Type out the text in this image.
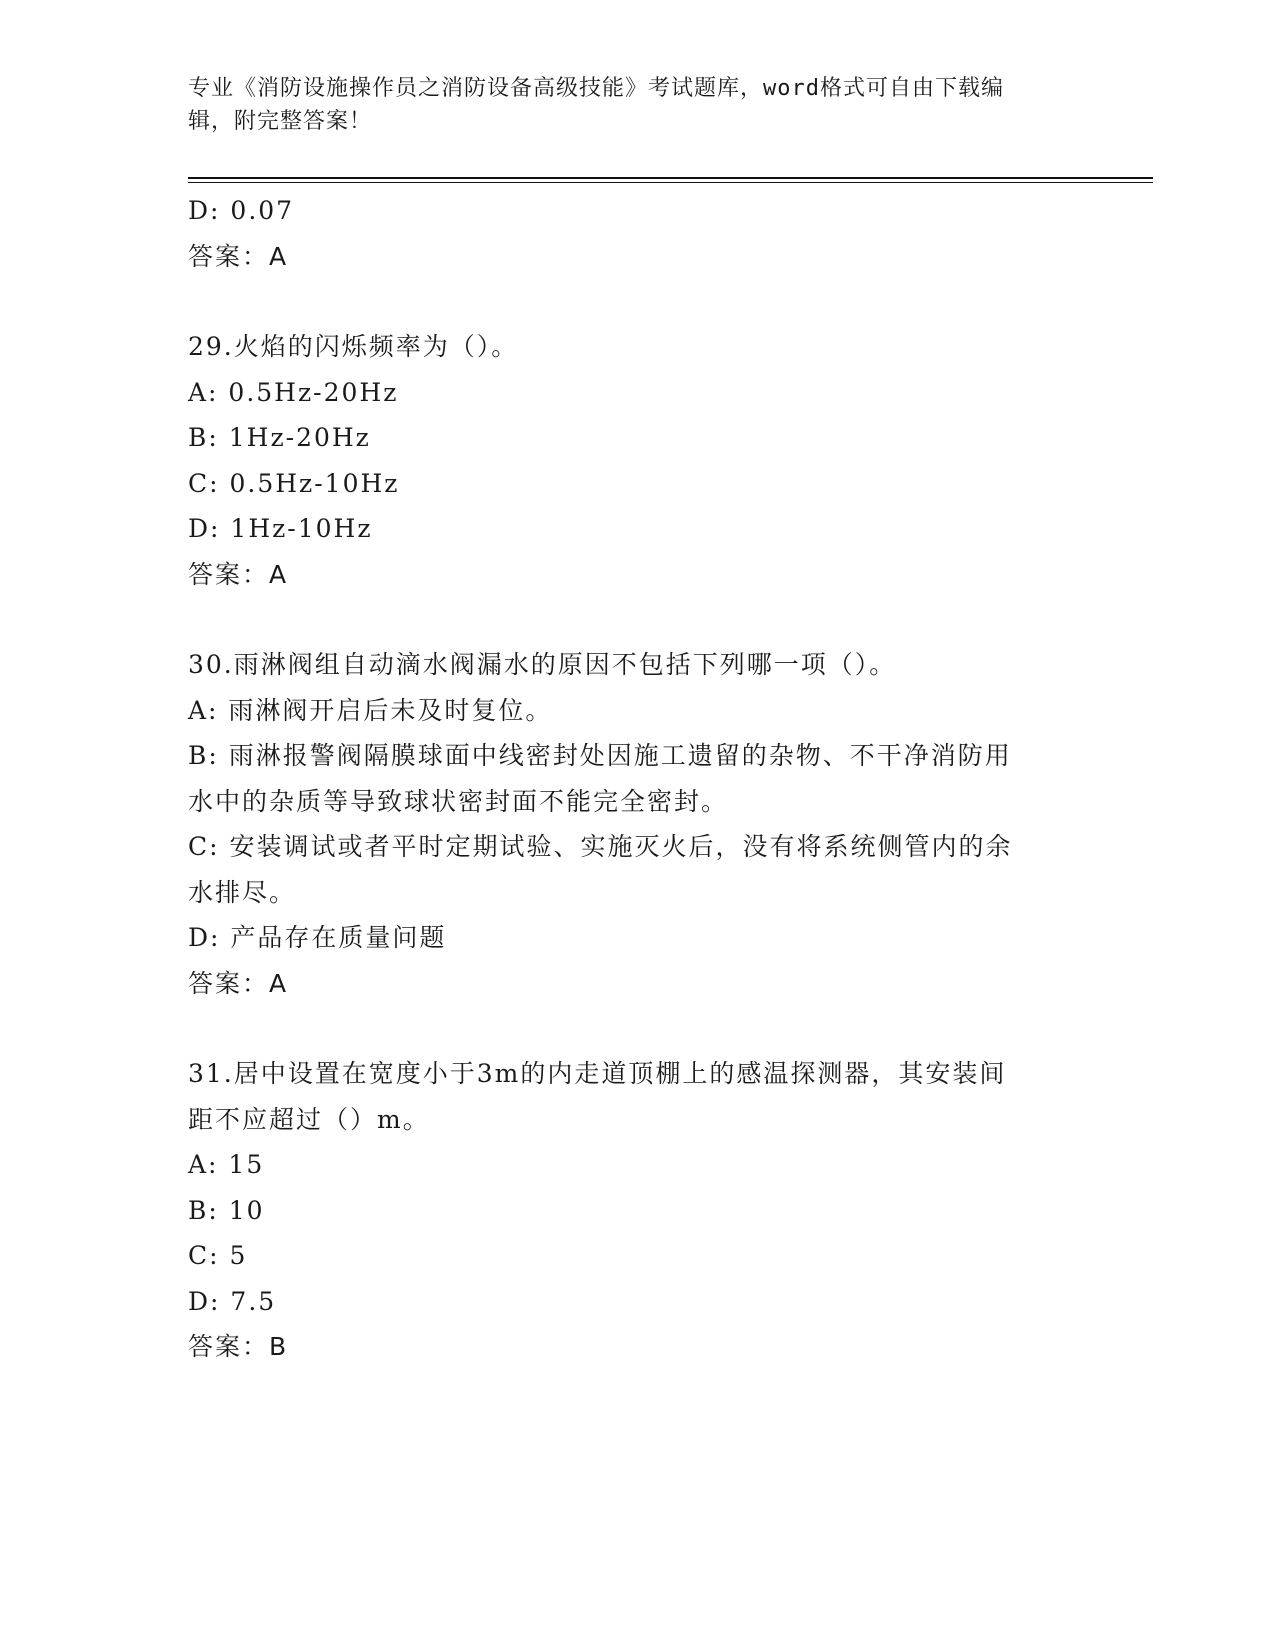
专业《消防设施操作员之消防设备高级技能》考试题库，word格式可自由下载编
辑，附完整答案！
D: 0.07
答案：A
29.火焰的闪烁频率为（）。
A: 0.5Hz-20Hz
B: 1Hz-20Hz
C: 0.5Hz-10Hz
D: 1Hz-10Hz
答案：A
30.雨淋阀组自动滴水阀漏水的原因不包括下列哪一项（）。
A: 雨淋阀开启后未及时复位。
B: 雨淋报警阀隔膜球面中线密封处因施工遗留的杂物、不干净消防用
水中的杂质等导致球状密封面不能完全密封。
C: 安装调试或者平时定期试验、实施灭火后，没有将系统侧管内的余
水排尽。
D: 产品存在质量问题
答案：A
31.居中设置在宽度小于3m的内走道顶棚上的感温探测器，其安装间
距不应超过（）m。
A: 15
B: 10
C: 5
D: 7.5
答案：B
